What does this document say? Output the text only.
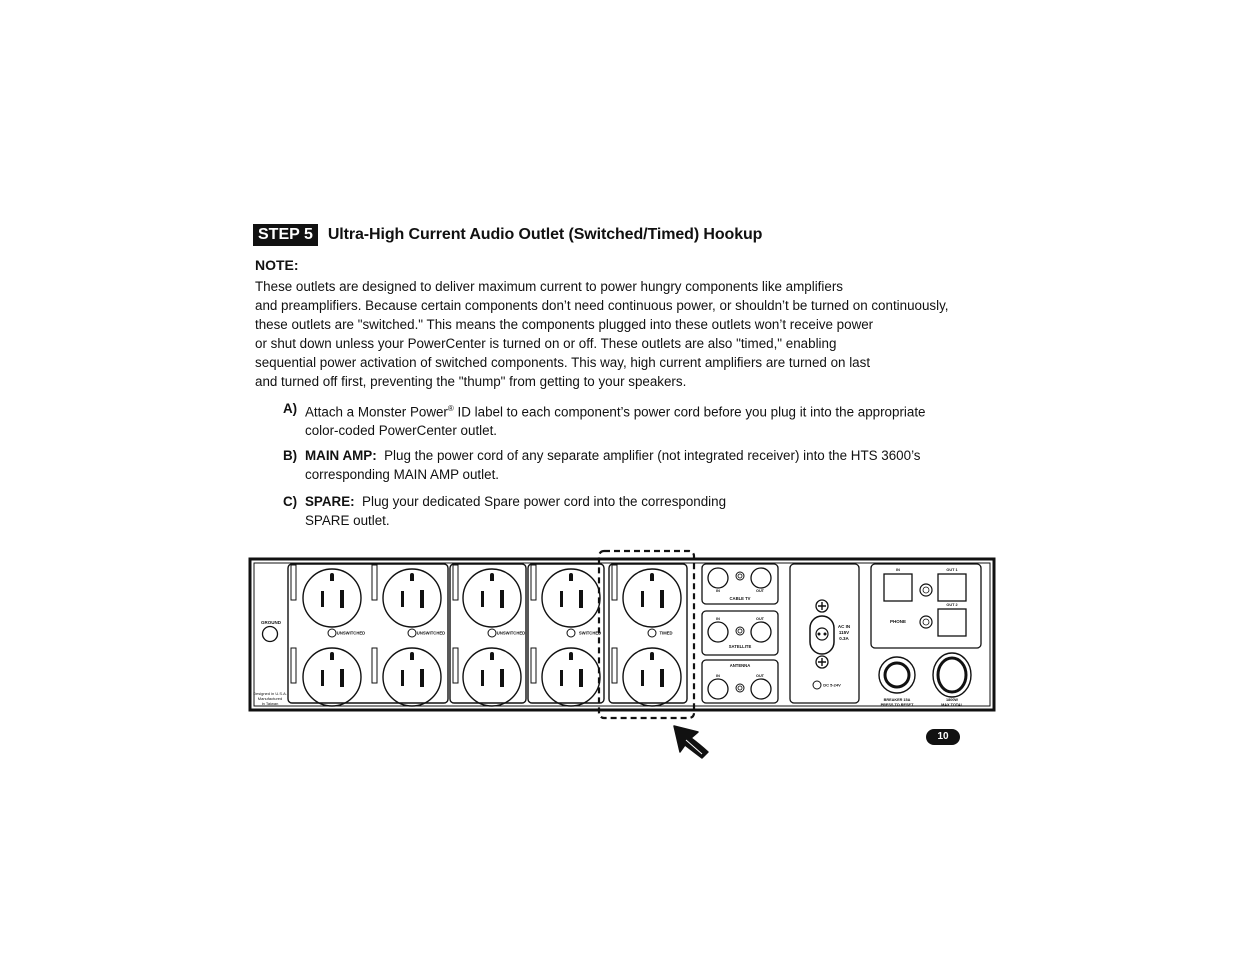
STEP 5 Ultra-High Current Audio Outlet (Switched/Timed) Hookup
NOTE:
These outlets are designed to deliver maximum current to power hungry components like amplifiers
and preamplifiers. Because certain components don’t need continuous power, or shouldn’t be turned on continuously,
these outlets are "switched." This means the components plugged into these outlets won’t receive power
or shut down unless your PowerCenter is turned on or off. These outlets are also "timed," enabling
sequential power activation of switched components. This way, high current amplifiers are turned on last
and turned off first, preventing the "thump" from getting to your speakers.
A) Attach a Monster Power® ID label to each component’s power cord before you plug it into the appropriate
color-coded PowerCenter outlet.
B) MAIN AMP:  Plug the power cord of any separate amplifier (not integrated receiver) into the HTS 3600’s
corresponding MAIN AMP outlet.
C) SPARE:  Plug your dedicated Spare power cord into the corresponding
SPARE outlet.
GROUND
Designed in U.S.A.
Manufactured
in Taiwan
UNSWITCHED	UNSWITCHED	UNSWITCHED	SWITCHED	TIMED
IN	OUT
CABLE TV
IN	OUT
SATELLITE
ANTENNA
IN	OUT
AC IN
115V
0.3A
DC 5-24V
IN	OUT 1
OUT 2
PHONE
BREAKER 15A
PRESS TO RESET
1800W
MAX TOTAL
10
